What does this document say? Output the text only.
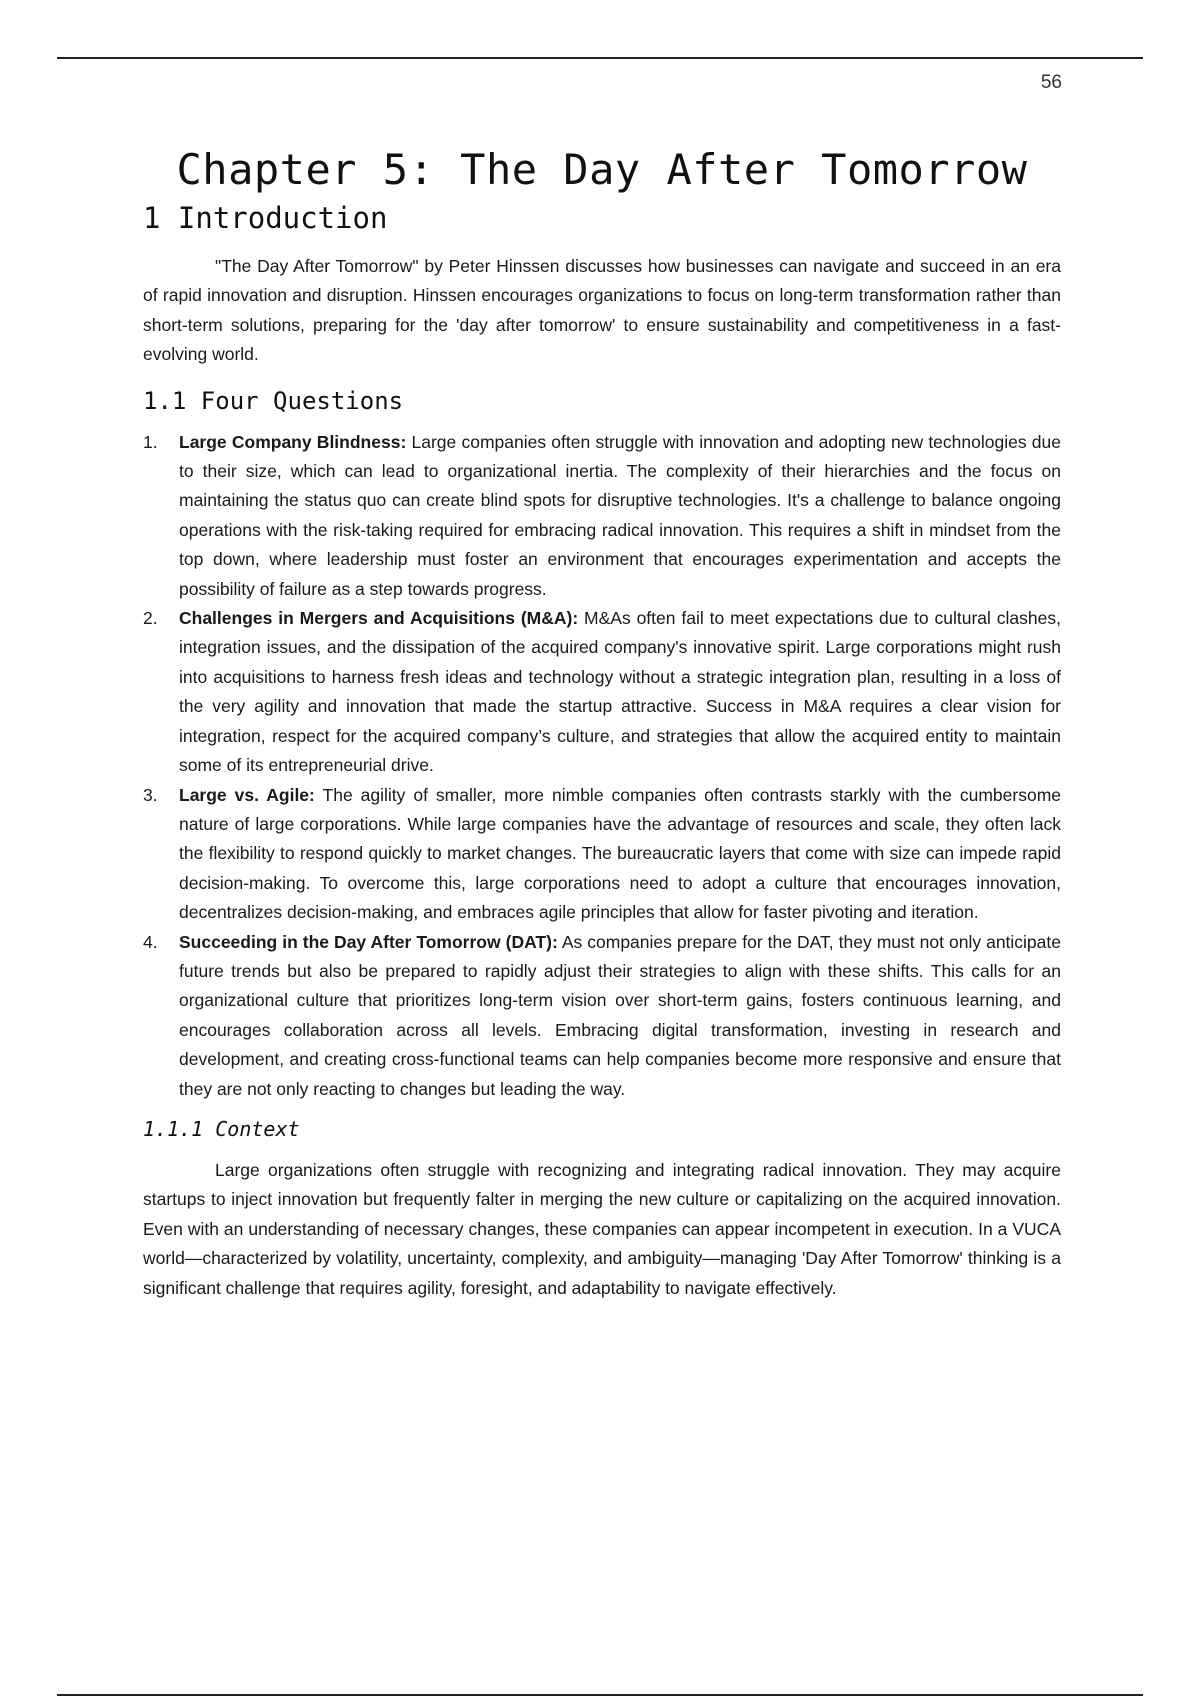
56
Chapter 5: The Day After Tomorrow
1 Introduction

"The Day After Tomorrow" by Peter Hinssen discusses how businesses can navigate and succeed in an era of rapid innovation and disruption. Hinssen encourages organizations to focus on long-term transformation rather than short-term solutions, preparing for the 'day after tomorrow' to ensure sustainability and competitiveness in a fast-evolving world.

1.1 Four Questions
1. Large Company Blindness: Large companies often struggle with innovation and adopting new technologies due to their size, which can lead to organizational inertia. The complexity of their hierarchies and the focus on maintaining the status quo can create blind spots for disruptive technologies. It's a challenge to balance ongoing operations with the risk-taking required for embracing radical innovation. This requires a shift in mindset from the top down, where leadership must foster an environment that encourages experimentation and accepts the possibility of failure as a step towards progress.
2. Challenges in Mergers and Acquisitions (M&A): M&As often fail to meet expectations due to cultural clashes, integration issues, and the dissipation of the acquired company's innovative spirit. Large corporations might rush into acquisitions to harness fresh ideas and technology without a strategic integration plan, resulting in a loss of the very agility and innovation that made the startup attractive. Success in M&A requires a clear vision for integration, respect for the acquired company’s culture, and strategies that allow the acquired entity to maintain some of its entrepreneurial drive.
3. Large vs. Agile: The agility of smaller, more nimble companies often contrasts starkly with the cumbersome nature of large corporations. While large companies have the advantage of resources and scale, they often lack the flexibility to respond quickly to market changes. The bureaucratic layers that come with size can impede rapid decision-making. To overcome this, large corporations need to adopt a culture that encourages innovation, decentralizes decision-making, and embraces agile principles that allow for faster pivoting and iteration.
4. Succeeding in the Day After Tomorrow (DAT): As companies prepare for the DAT, they must not only anticipate future trends but also be prepared to rapidly adjust their strategies to align with these shifts. This calls for an organizational culture that prioritizes long-term vision over short-term gains, fosters continuous learning, and encourages collaboration across all levels. Embracing digital transformation, investing in research and development, and creating cross-functional teams can help companies become more responsive and ensure that they are not only reacting to changes but leading the way.
1.1.1 Context

Large organizations often struggle with recognizing and integrating radical innovation. They may acquire startups to inject innovation but frequently falter in merging the new culture or capitalizing on the acquired innovation. Even with an understanding of necessary changes, these companies can appear incompetent in execution. In a VUCA world—characterized by volatility, uncertainty, complexity, and ambiguity—managing 'Day After Tomorrow' thinking is a significant challenge that requires agility, foresight, and adaptability to navigate effectively.
